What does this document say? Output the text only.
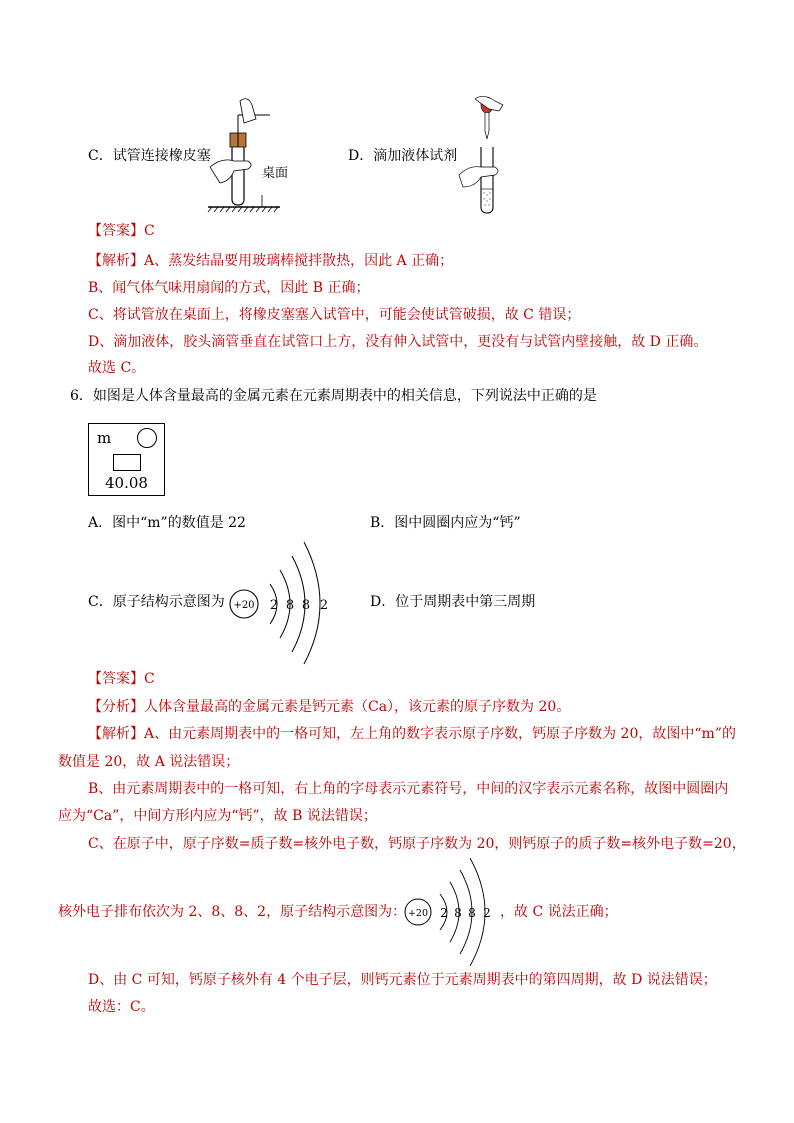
C．试管连接橡皮塞
桌面
D．滴加液体试剂
【答案】C
【解析】A、蒸发结晶要用玻璃棒搅拌散热，因此 A 正确；
B、闻气体气味用扇闻的方式，因此 B 正确；
C、将试管放在桌面上，将橡皮塞塞入试管中，可能会使试管破损，故 C 错误；
D、滴加液体，胶头滴管垂直在试管口上方，没有伸入试管中，更没有与试管内壁接触，故 D 正确。
故选 C。
6．如图是人体含量最高的金属元素在元素周期表中的相关信息，下列说法中正确的是
m
40.08
A．图中“m”的数值是 22	B．图中圆圈内应为“钙”
C．原子结构示意图为 +20 2 8 8 2	D．位于周期表中第三周期
【答案】C
【分析】人体含量最高的金属元素是钙元素（Ca），该元素的原子序数为 20。
【解析】A、由元素周期表中的一格可知，左上角的数字表示原子序数，钙原子序数为 20，故图中“m”的
数值是 20，故 A 说法错误；
B、由元素周期表中的一格可知，右上角的字母表示元素符号，中间的汉字表示元素名称，故图中圆圈内
应为“Ca”，中间方形内应为“钙”，故 B 说法错误；
C、在原子中，原子序数=质子数=核外电子数，钙原子序数为 20，则钙原子的质子数=核外电子数=20，
核外电子排布依次为 2、8、8、2，原子结构示意图为： +20 2 8 8 2 ，故 C 说法正确；
D、由 C 可知，钙原子核外有 4 个电子层，则钙元素位于元素周期表中的第四周期，故 D 说法错误；
故选：C。
